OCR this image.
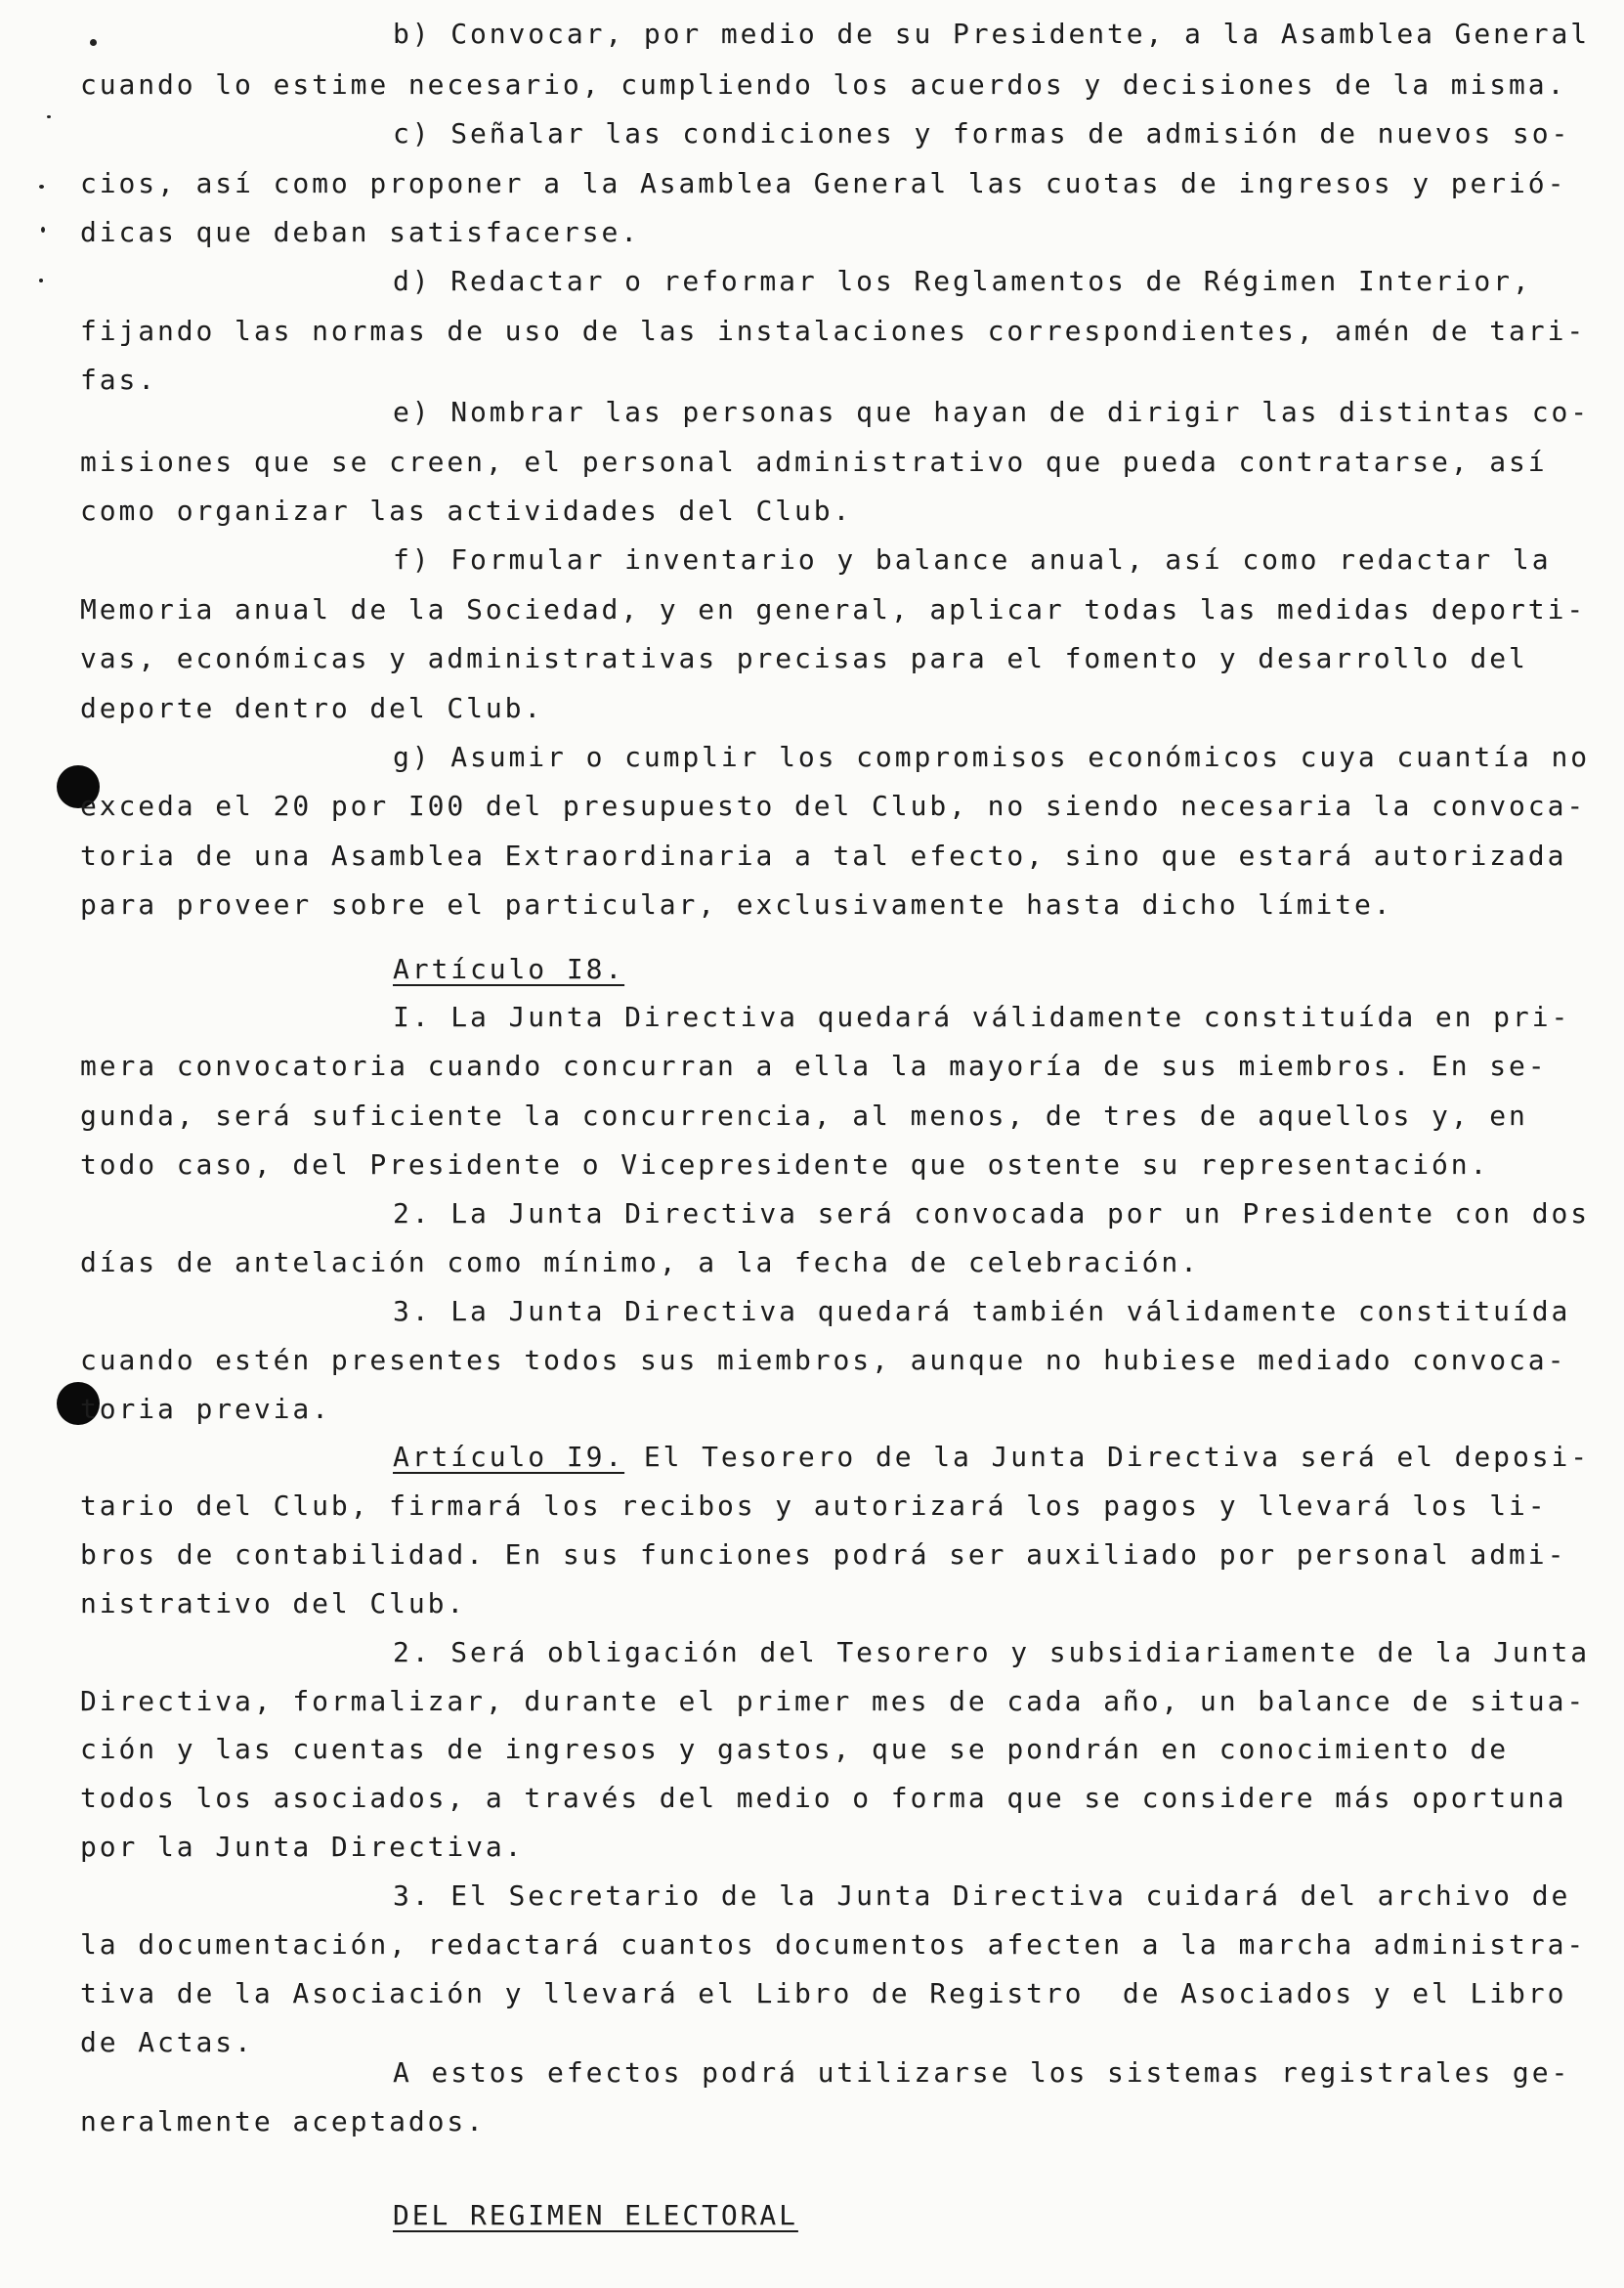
b) Convocar, por medio de su Presidente, a la Asamblea General
cuando lo estime necesario, cumpliendo los acuerdos y decisiones de la misma.
c) Señalar las condiciones y formas de admisión de nuevos so-
cios, así como proponer a la Asamblea General las cuotas de ingresos y perió-
dicas que deban satisfacerse.
d) Redactar o reformar los Reglamentos de Régimen Interior,
fijando las normas de uso de las instalaciones correspondientes, amén de tari-
fas.
e) Nombrar las personas que hayan de dirigir las distintas co-
misiones que se creen, el personal administrativo que pueda contratarse, así
como organizar las actividades del Club.
f) Formular inventario y balance anual, así como redactar la
Memoria anual de la Sociedad, y en general, aplicar todas las medidas deporti-
vas, económicas y administrativas precisas para el fomento y desarrollo del
deporte dentro del Club.
g) Asumir o cumplir los compromisos económicos cuya cuantía no
exceda el 20 por I00 del presupuesto del Club, no siendo necesaria la convoca-
toria de una Asamblea Extraordinaria a tal efecto, sino que estará autorizada
para proveer sobre el particular, exclusivamente hasta dicho límite.
Artículo I8.
I. La Junta Directiva quedará válidamente constituída en pri-
mera convocatoria cuando concurran a ella la mayoría de sus miembros. En se-
gunda, será suficiente la concurrencia, al menos, de tres de aquellos y, en
todo caso, del Presidente o Vicepresidente que ostente su representación.
2. La Junta Directiva será convocada por un Presidente con dos
días de antelación como mínimo, a la fecha de celebración.
3. La Junta Directiva quedará también válidamente constituída
cuando estén presentes todos sus miembros, aunque no hubiese mediado convoca-
toria previa.
Artículo I9. El Tesorero de la Junta Directiva será el deposi-
tario del Club, firmará los recibos y autorizará los pagos y llevará los li-
bros de contabilidad. En sus funciones podrá ser auxiliado por personal admi-
nistrativo del Club.
2. Será obligación del Tesorero y subsidiariamente de la Junta
Directiva, formalizar, durante el primer mes de cada año, un balance de situa-
ción y las cuentas de ingresos y gastos, que se pondrán en conocimiento de
todos los asociados, a través del medio o forma que se considere más oportuna
por la Junta Directiva.
3. El Secretario de la Junta Directiva cuidará del archivo de
la documentación, redactará cuantos documentos afecten a la marcha administra-
tiva de la Asociación y llevará el Libro de Registro  de Asociados y el Libro
de Actas.
A estos efectos podrá utilizarse los sistemas registrales ge-
neralmente aceptados.
DEL REGIMEN ELECTORAL
